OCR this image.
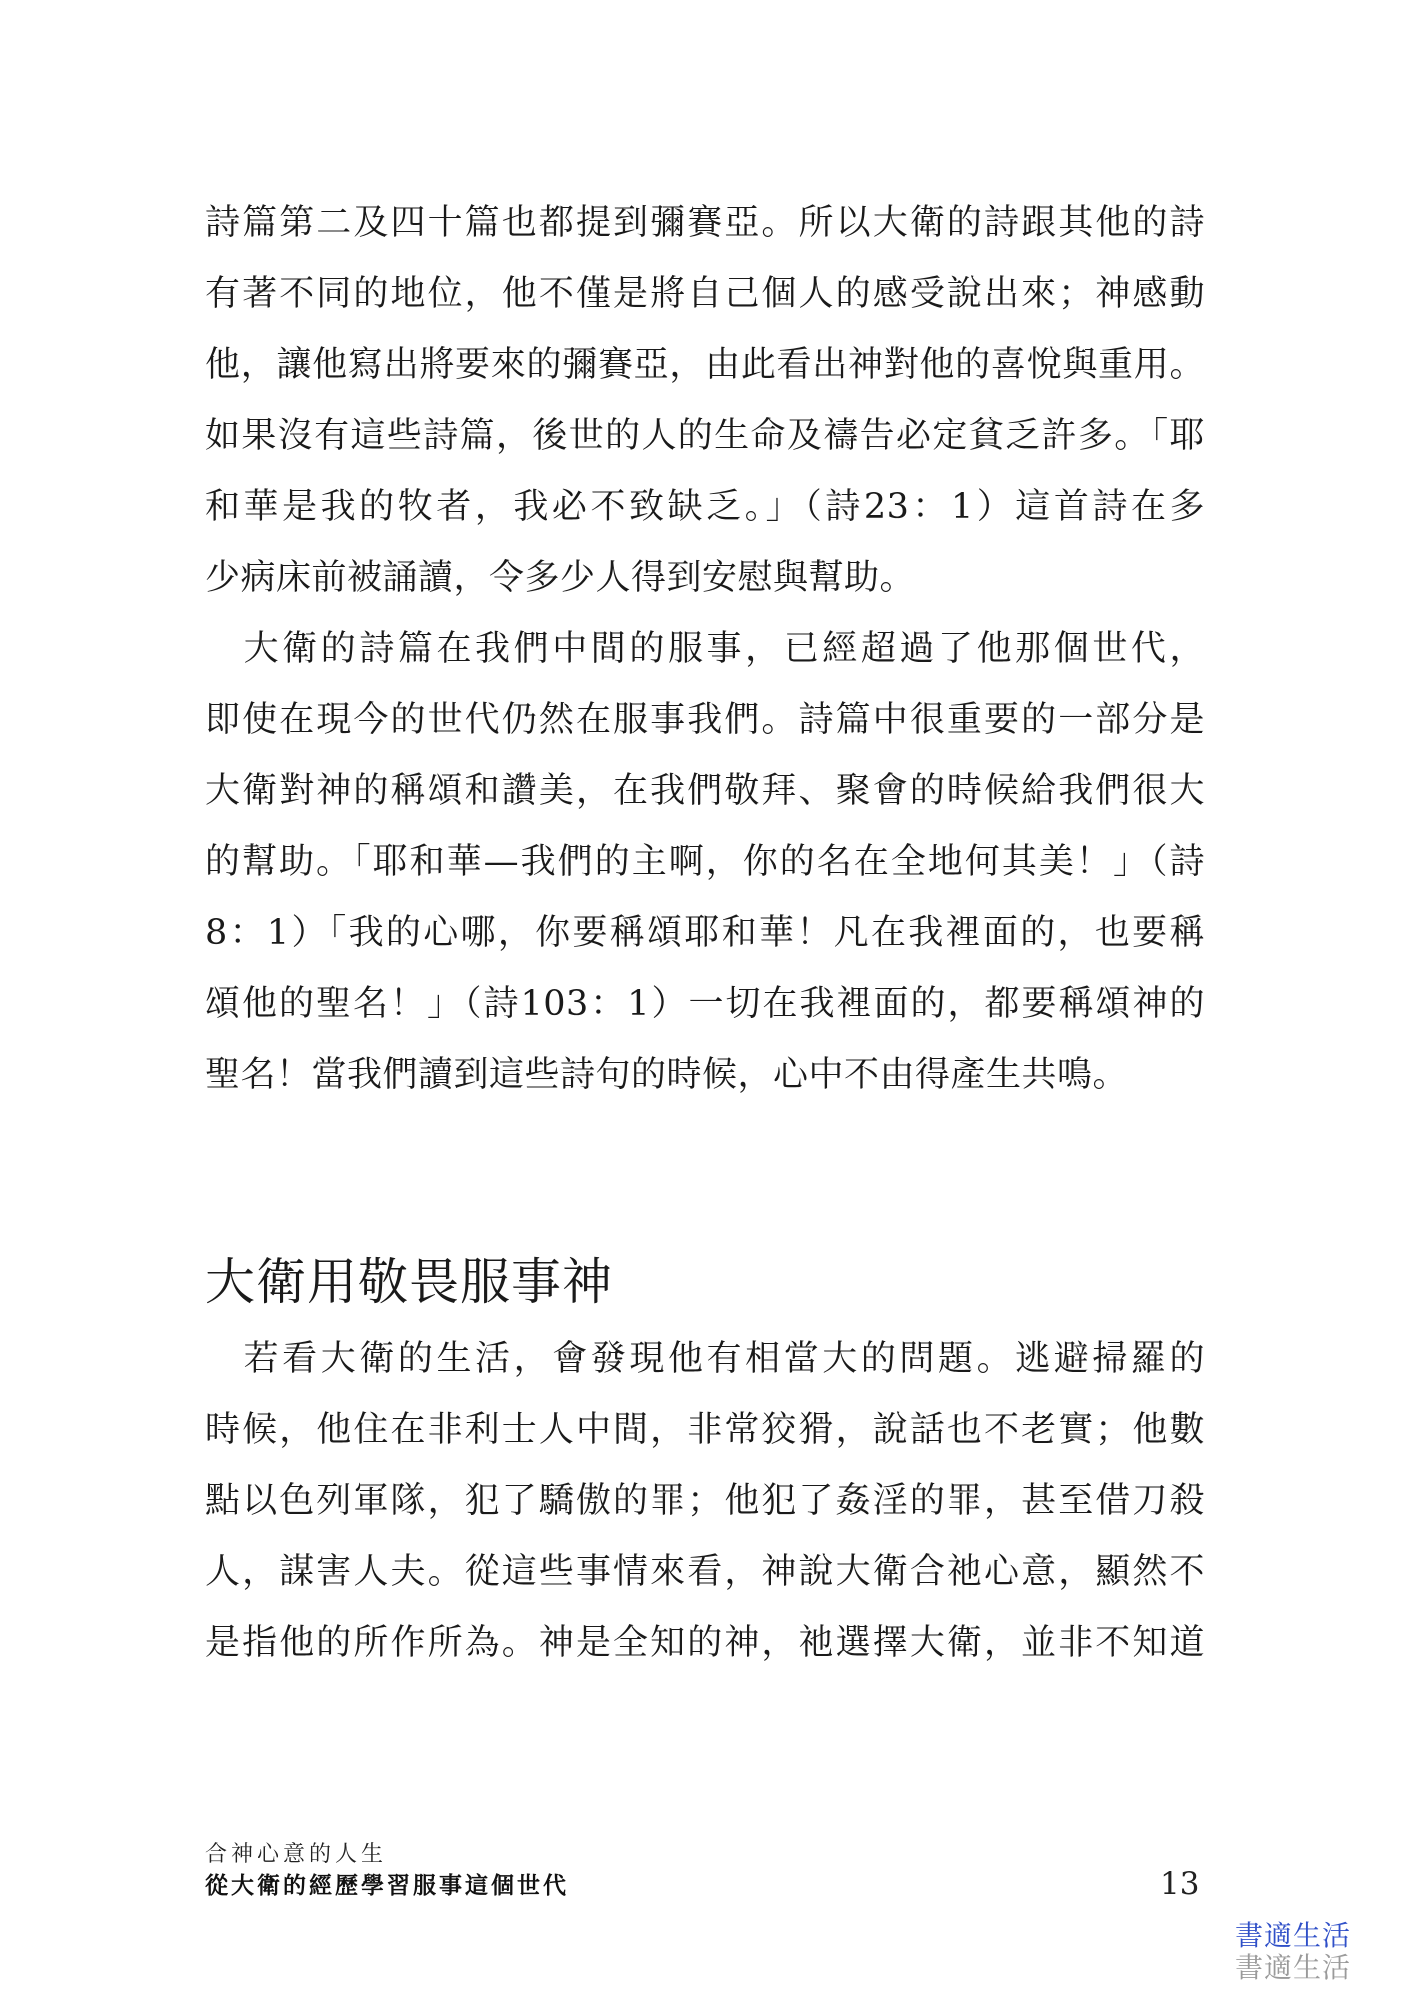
詩篇第二及四十篇也都提到彌賽亞。所以大衛的詩跟其他的詩
有著不同的地位，他不僅是將自己個人的感受說出來；神感動
他，讓他寫出將要來的彌賽亞，由此看出神對他的喜悅與重用。
如果沒有這些詩篇，後世的人的生命及禱告必定貧乏許多。「耶
和華是我的牧者，我必不致缺乏。」（詩23：1）這首詩在多
少病床前被誦讀，令多少人得到安慰與幫助。
　大衛的詩篇在我們中間的服事，已經超過了他那個世代，
即使在現今的世代仍然在服事我們。詩篇中很重要的一部分是
大衛對神的稱頌和讚美，在我們敬拜、聚會的時候給我們很大
的幫助。「耶和華—我們的主啊，你的名在全地何其美！」（詩
8：1）「我的心哪，你要稱頌耶和華！凡在我裡面的，也要稱
頌他的聖名！」（詩103：1）一切在我裡面的，都要稱頌神的
聖名！當我們讀到這些詩句的時候，心中不由得產生共鳴。
大衛用敬畏服事神
　若看大衛的生活，會發現他有相當大的問題。逃避掃羅的
時候，他住在非利士人中間，非常狡猾，說話也不老實；他數
點以色列軍隊，犯了驕傲的罪；他犯了姦淫的罪，甚至借刀殺
人，謀害人夫。從這些事情來看，神說大衛合祂心意，顯然不
是指他的所作所為。神是全知的神，祂選擇大衛，並非不知道
合神心意的人生
從大衛的經歷學習服事這個世代	13
書適生活
書適生活
